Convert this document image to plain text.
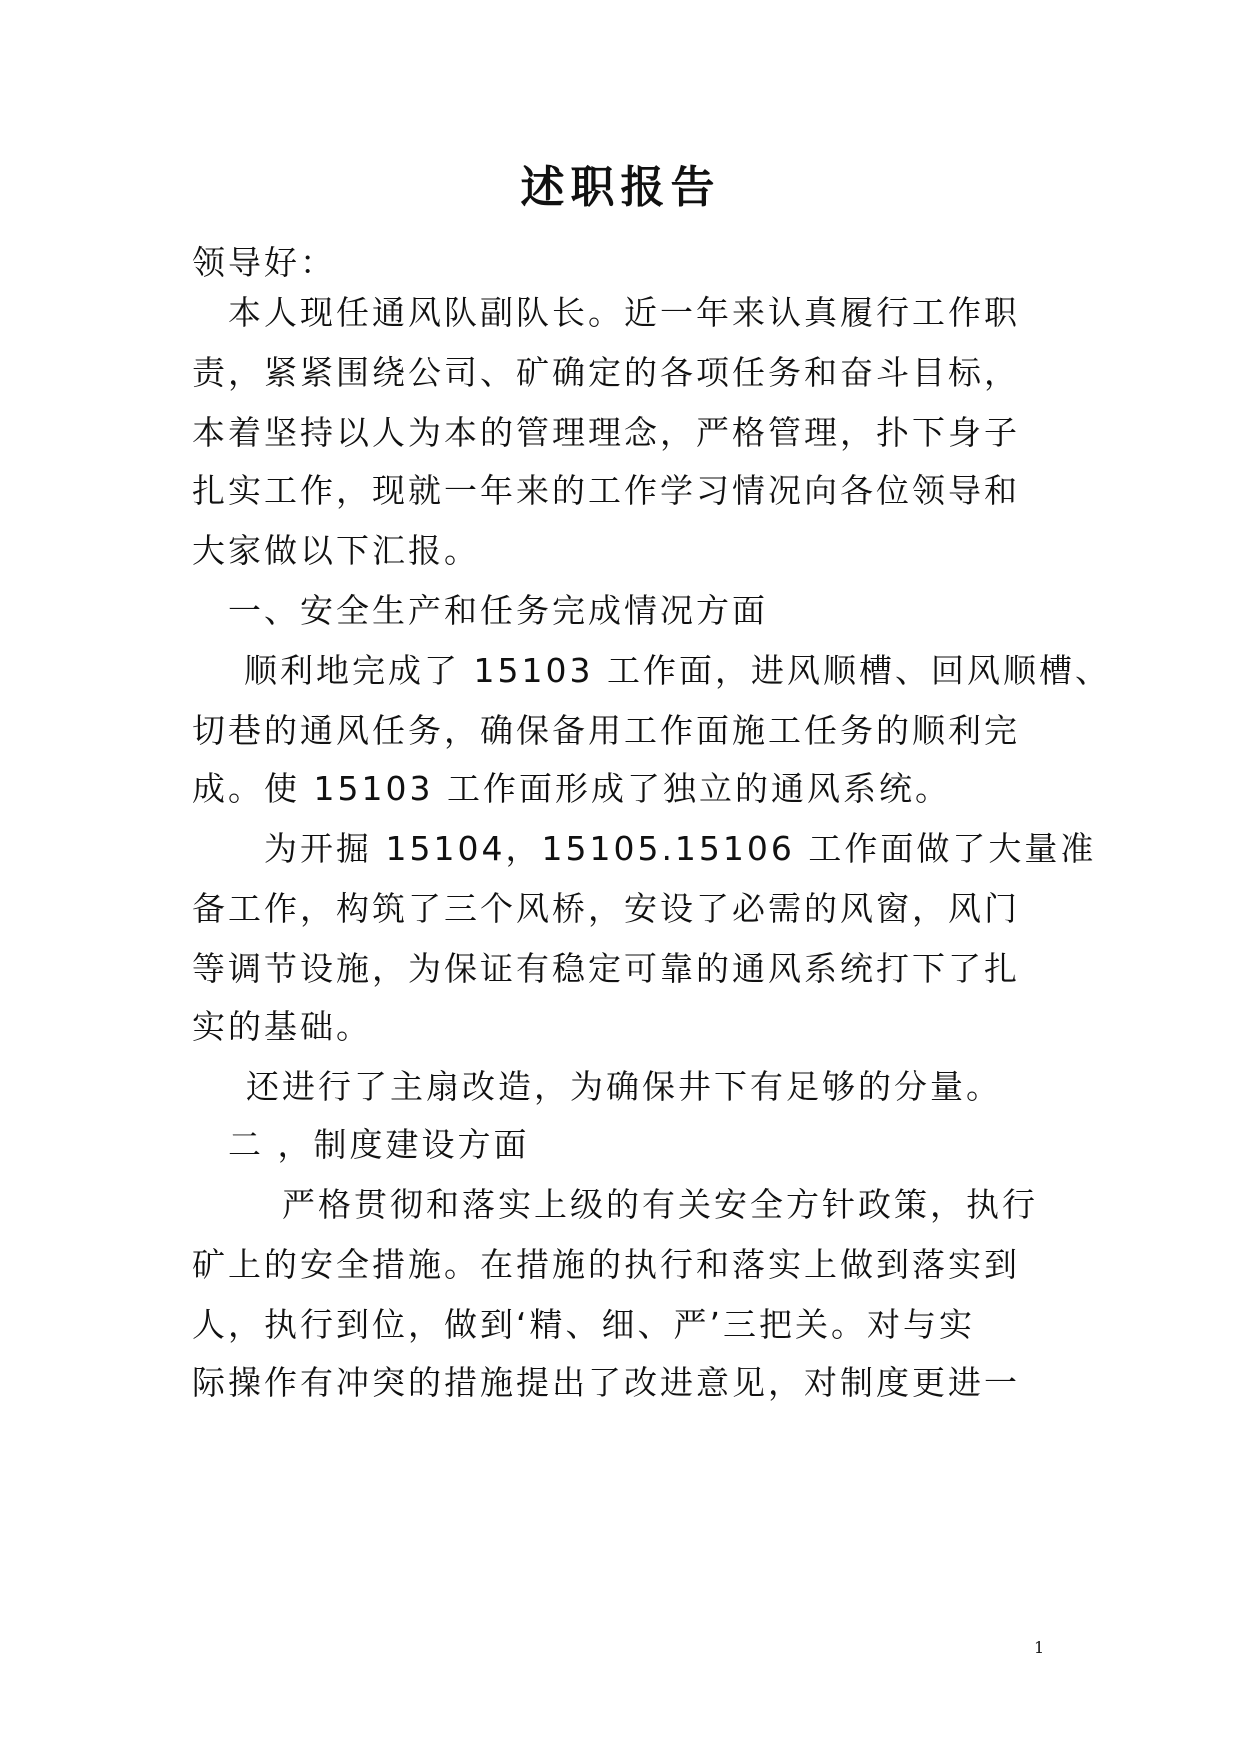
述职报告
领导好：
本人现任通风队副队长。近一年来认真履行工作职
责，紧紧围绕公司、矿确定的各项任务和奋斗目标，
本着坚持以人为本的管理理念，严格管理，扑下身子
扎实工作，现就一年来的工作学习情况向各位领导和
大家做以下汇报。
一、安全生产和任务完成情况方面
顺利地完成了 15103 工作面，进风顺槽、回风顺槽、
切巷的通风任务，确保备用工作面施工任务的顺利完
成。使 15103 工作面形成了独立的通风系统。
为开掘 15104，15105.15106 工作面做了大量准
备工作，构筑了三个风桥，安设了必需的风窗，风门
等调节设施，为保证有稳定可靠的通风系统打下了扎
实的基础。
还进行了主扇改造，为确保井下有足够的分量。
二 ，制度建设方面
严格贯彻和落实上级的有关安全方针政策，执行
矿上的安全措施。在措施的执行和落实上做到落实到
人，执行到位，做到‘精、细、严’三把关。对与实
际操作有冲突的措施提出了改进意见，对制度更进一
1
